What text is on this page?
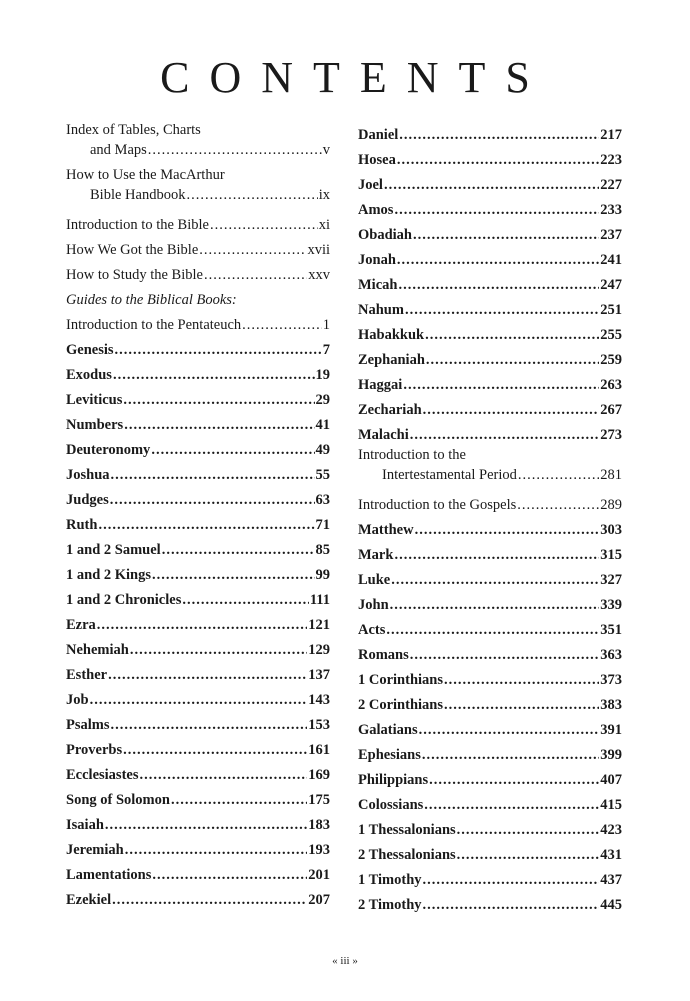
CONTENTS
Index of Tables, Charts
and Maps .....	v
How to Use the MacArthur
Bible Handbook .....	ix
Introduction to the Bible .....	xi
How We Got the Bible .....	xvii
How to Study the Bible .....	xxv
Guides to the Biblical Books:
Introduction to the Pentateuch .....	1
Genesis .....	7
Exodus .....	19
Leviticus .....	29
Numbers .....	41
Deuteronomy .....	49
Joshua .....	55
Judges .....	63
Ruth .....	71
1 and 2 Samuel .....	85
1 and 2 Kings .....	99
1 and 2 Chronicles .....	111
Ezra .....	121
Nehemiah .....	129
Esther .....	137
Job .....	143
Psalms .....	153
Proverbs .....	161
Ecclesiastes .....	169
Song of Solomon .....	175
Isaiah .....	183
Jeremiah .....	193
Lamentations .....	201
Ezekiel .....	207
Daniel .....	217
Hosea .....	223
Joel .....	227
Amos .....	233
Obadiah .....	237
Jonah .....	241
Micah .....	247
Nahum .....	251
Habakkuk .....	255
Zephaniah .....	259
Haggai .....	263
Zechariah .....	267
Malachi .....	273
Introduction to the
Intertestamental Period .....	281
Introduction to the Gospels .....	289
Matthew .....	303
Mark .....	315
Luke .....	327
John .....	339
Acts .....	351
Romans .....	363
1 Corinthians .....	373
2 Corinthians .....	383
Galatians .....	391
Ephesians .....	399
Philippians .....	407
Colossians .....	415
1 Thessalonians .....	423
2 Thessalonians .....	431
1 Timothy .....	437
2 Timothy .....	445
« iii »
